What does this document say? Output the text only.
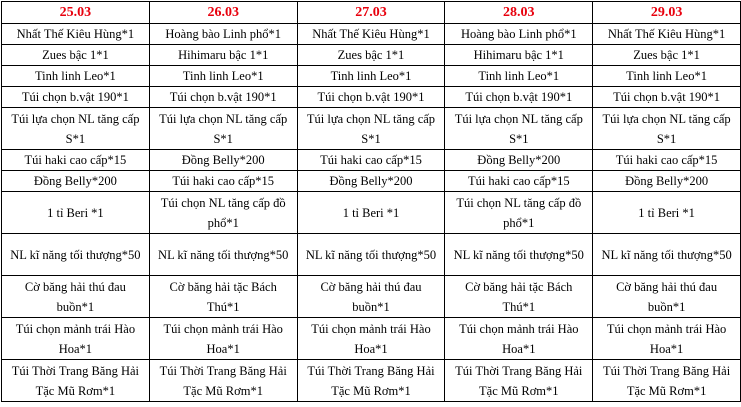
25.03	26.03	27.03	28.03	29.03
Nhất Thế Kiêu Hùng*1	Hoàng bào Linh phổ*1	Nhất Thế Kiêu Hùng*1	Hoàng bào Linh phổ*1	Nhất Thế Kiêu Hùng*1
Zues bậc 1*1	Hihimaru bậc 1*1	Zues bậc 1*1	Hihimaru bậc 1*1	Zues bậc 1*1
Tinh linh Leo*1	Tinh linh Leo*1	Tinh linh Leo*1	Tinh linh Leo*1	Tinh linh Leo*1
Túi chọn b.vật 190*1	Túi chọn b.vật 190*1	Túi chọn b.vật 190*1	Túi chọn b.vật 190*1	Túi chọn b.vật 190*1
Túi lựa chọn NL tăng cấp S*1	Túi lựa chọn NL tăng cấp S*1	Túi lựa chọn NL tăng cấp S*1	Túi lựa chọn NL tăng cấp S*1	Túi lựa chọn NL tăng cấp S*1
Túi haki cao cấp*15	Đồng Belly*200	Túi haki cao cấp*15	Đồng Belly*200	Túi haki cao cấp*15
Đồng Belly*200	Túi haki cao cấp*15	Đồng Belly*200	Túi haki cao cấp*15	Đồng Belly*200
1 tỉ Beri *1	Túi chọn NL tăng cấp đồ phổ*1	1 tỉ Beri *1	Túi chọn NL tăng cấp đồ phổ*1	1 tỉ Beri *1
NL kĩ năng tối thượng*50	NL kĩ năng tối thượng*50	NL kĩ năng tối thượng*50	NL kĩ năng tối thượng*50	NL kĩ năng tối thượng*50
Cờ băng hải thú đau buồn*1	Cờ băng hải tặc Bách Thú*1	Cờ băng hải thú đau buồn*1	Cờ băng hải tặc Bách Thú*1	Cờ băng hải thú đau buồn*1
Túi chọn mảnh trái Hào Hoa*1	Túi chọn mảnh trái Hào Hoa*1	Túi chọn mảnh trái Hào Hoa*1	Túi chọn mảnh trái Hào Hoa*1	Túi chọn mảnh trái Hào Hoa*1
Túi Thời Trang Băng Hải Tặc Mũ Rơm*1	Túi Thời Trang Băng Hải Tặc Mũ Rơm*1	Túi Thời Trang Băng Hải Tặc Mũ Rơm*1	Túi Thời Trang Băng Hải Tặc Mũ Rơm*1	Túi Thời Trang Băng Hải Tặc Mũ Rơm*1
